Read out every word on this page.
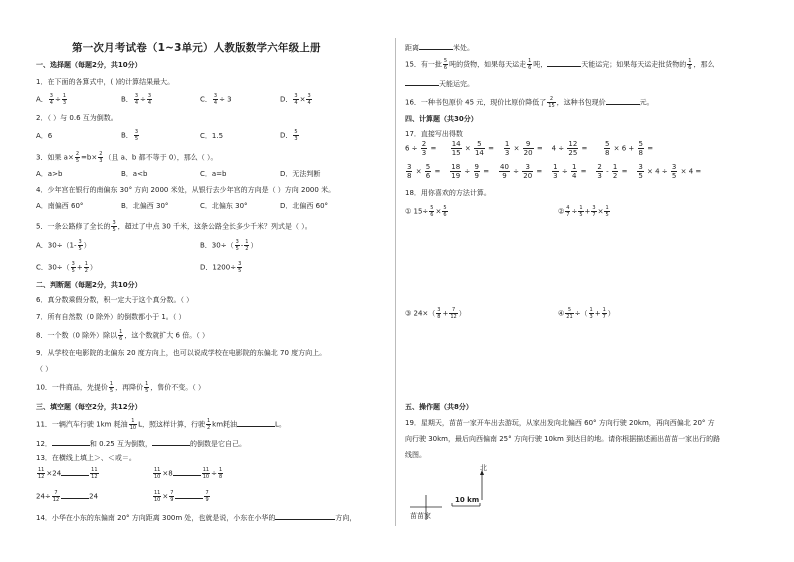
第一次月考试卷（1~3单元）人教版数学六年级上册
一、选择题（每题2分，共10分）
1．在下面的各算式中，( )的计算结果最大。
A． $\frac{3}{4} \div \frac{1}{3}$	B． $\frac{3}{4} \div \frac{3}{4}$	C． $\frac{3}{4} \div 3$	D． $\frac{3}{4} \times \frac{3}{4}$
2．（ ）与 0.6 互为倒数。
A．6	B． $\frac{3}{5}$	C．1.5	D． $\frac{5}{3}$
3．如果 $a\times \frac{2}{5} =b\times \frac{2}{3}$ （且 a、b 都不等于 0），那么（ ）。
A．a>b	B．a<b	C．a=b	D．无法判断
4．少年宫在银行的南偏东 30° 方向 2000 米处，从银行去少年宫的方向是（ ）方向 2000 米。
A．南偏西 60°	B．北偏西 30°	C．北偏东 30°	D．北偏西 60°
5．一条公路修了全长的 $\frac{3}{5}$ ，超过了中点 30 千米，这条公路全长多少千米？列式是（ ）。
A．$30\div(1- \frac{3}{5}$ ）	B．$30\div( \frac{3}{5} - \frac{1}{2}$ ）
C．$30\div( \frac{3}{5} + \frac{1}{2}$ ）	D．$1200\div \frac{3}{5}$
二、判断题（每题2分，共10分）
6．真分数乘假分数，积一定大于这个真分数。（ ）
7．所有自然数（0 除外）的倒数都小于 1。（ ）
8．一个数（0 除外）除以 $\frac{1}{6}$ ，这个数就扩大 6 倍。（ ）
9．从学校在电影院的北偏东 20 度方向上，也可以说成学校在电影院的东偏北 70 度方向上。
（ ）
10．一件商品，先提价 $\frac{1}{5}$ ，再降价 $\frac{1}{5}$ ，售价不变。（ ）
三、填空题（每空2分，共12分）
11．一辆汽车行驶 1km 耗油 $\frac{1}{10}$ L，照这样计算，行驶 $\frac{1}{2}$ km耗油	L。
12．	和 0.25 互为倒数，	的倒数是它自己。
13．在横线上填上＞、＜或＝。
$\frac{11}{12} \times 24$	$\frac{11}{12}$	$\frac{11}{10} \times 8$	$\frac{11}{10} \div \frac{1}{8}$
$24\div \frac{7}{12}$	24	$\frac{11}{10} \times \frac{7}{9}$	$\frac{7}{9}$
14．小华在小东的东偏南 20° 方向距离 300m 处，也就是说，小东在小华的	方向，
距离	米处。
15．有一批 $\frac{5}{6}$ 吨的货物，如果每天运走 $\frac{1}{6}$ 吨，	天能运完；如果每天运走批货物的 $\frac{1}{6}$ ，那么
天能运完。
16．一种书包原价 45 元，现价比原价降低了 $\frac{2}{15}$ ，这种书包现价	元。
四、计算题（共30分）
17．直接写出得数
$6 \div \frac{2}{3} = \frac{14}{15} \times \frac{5}{14} = \frac{1}{3} \times \frac{9}{20}$ =    $4 \div \frac{12}{25} = \frac{5}{8} \times 6 + \frac{5}{8}$ =
$\frac{3}{8} \times \frac{5}{6} = \frac{18}{19} \div \frac{9}{9} = \frac{40}{9} \div \frac{3}{20} = \frac{1}{3} \div \frac{1}{4} = \frac{2}{3} - \frac{1}{2} = \frac{3}{5} \times 4 \div \frac{3}{5} \times 4$ =
18．用你喜欢的方法计算。
① $15\div \frac{5}{6} \times \frac{5}{6}$	② $\frac{4}{7} \div \frac{1}{5} + \frac{3}{7} \times \frac{1}{5}$
③ $24\times( \frac{3}{8} + \frac{7}{12}$ ）	④ $\frac{5}{21}$ ÷（ $\frac{1}{3} + \frac{1}{7}$ ）
五、操作题（共8分）
19．星期天，苗苗一家开车出去游玩，从家出发向北偏西 60° 方向行驶 20km，再向西偏北 20° 方
向行驶 30km，最后向西偏南 25° 方向行驶 10km 到达目的地。请你根据描述画出苗苗一家出行的路
线图。
北
10 km
苗苗家
